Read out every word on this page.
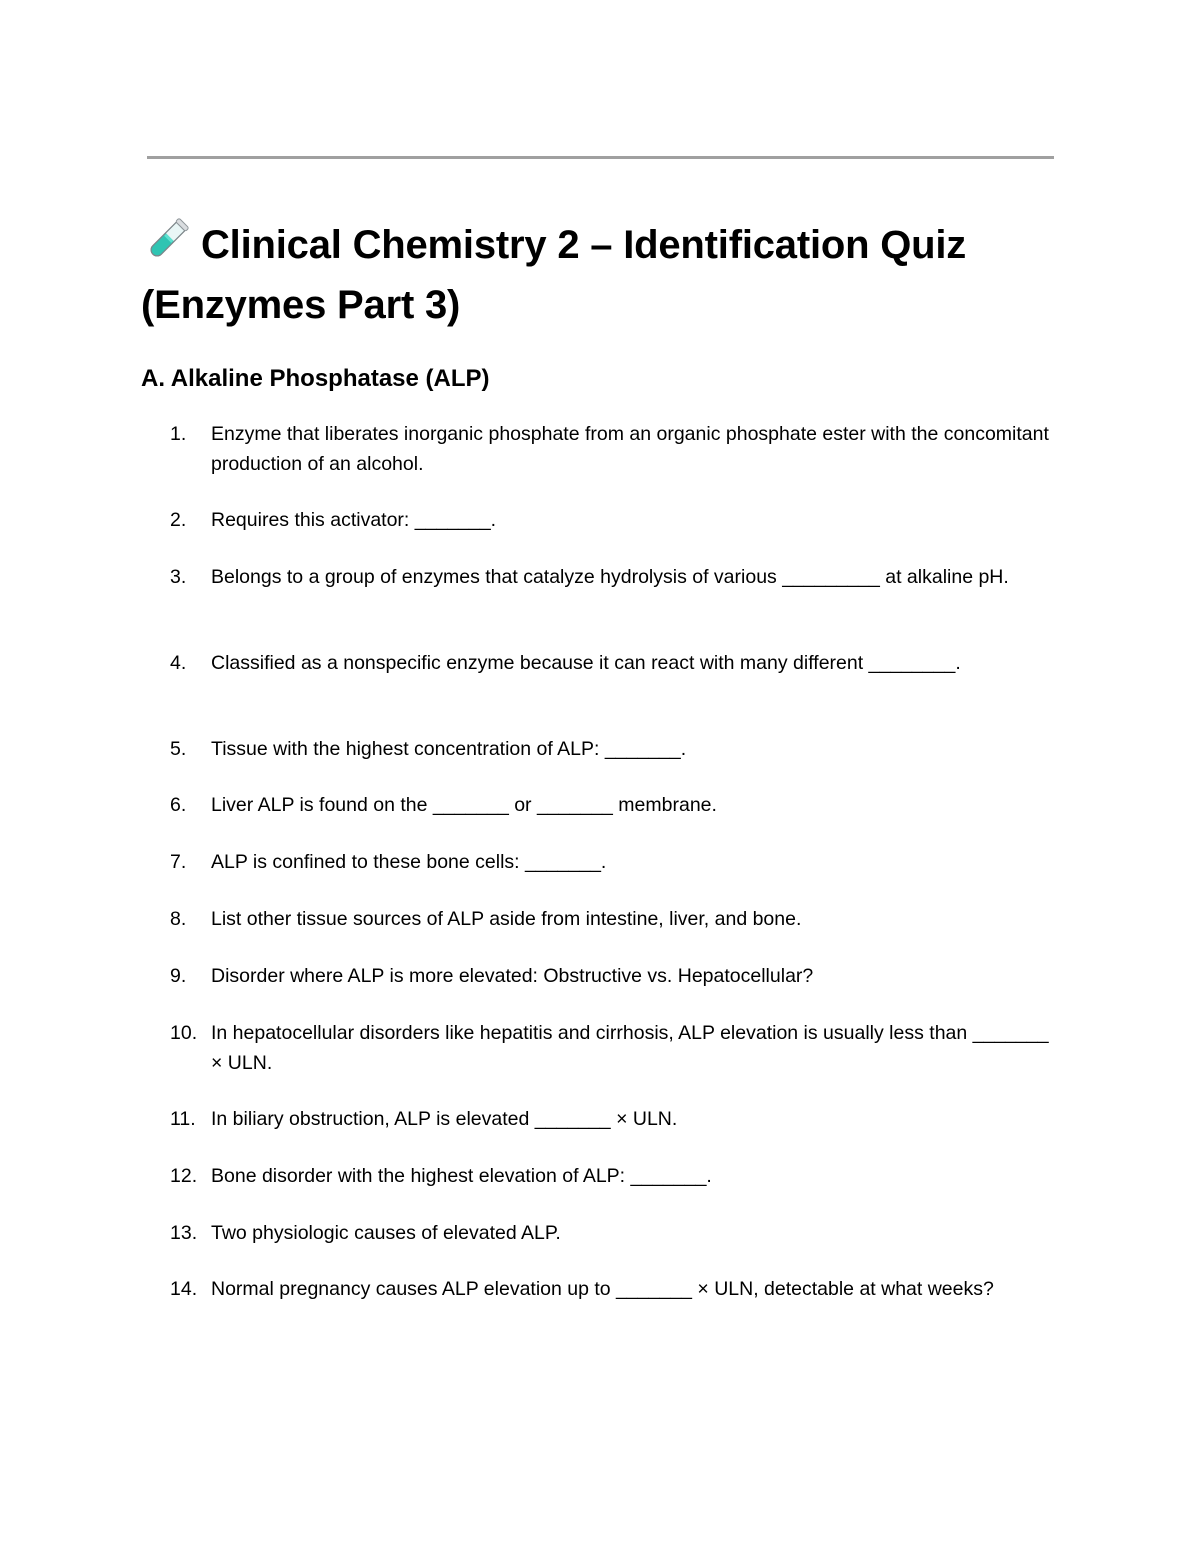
Clinical Chemistry 2 – Identification Quiz (Enzymes Part 3)
A. Alkaline Phosphatase (ALP)
1.	Enzyme that liberates inorganic phosphate from an organic phosphate ester with the concomitant production of an alcohol.
2.	Requires this activator: _______.
3.	Belongs to a group of enzymes that catalyze hydrolysis of various _________ at alkaline pH.
4.	Classified as a nonspecific enzyme because it can react with many different ________.
5.	Tissue with the highest concentration of ALP: _______.
6.	Liver ALP is found on the _______ or _______ membrane.
7.	ALP is confined to these bone cells: _______.
8.	List other tissue sources of ALP aside from intestine, liver, and bone.
9.	Disorder where ALP is more elevated: Obstructive vs. Hepatocellular?
10. In hepatocellular disorders like hepatitis and cirrhosis, ALP elevation is usually less than _______ × ULN.
11. In biliary obstruction, ALP is elevated _______ × ULN.
12. Bone disorder with the highest elevation of ALP: _______.
13. Two physiologic causes of elevated ALP.
14. Normal pregnancy causes ALP elevation up to _______ × ULN, detectable at what weeks?
